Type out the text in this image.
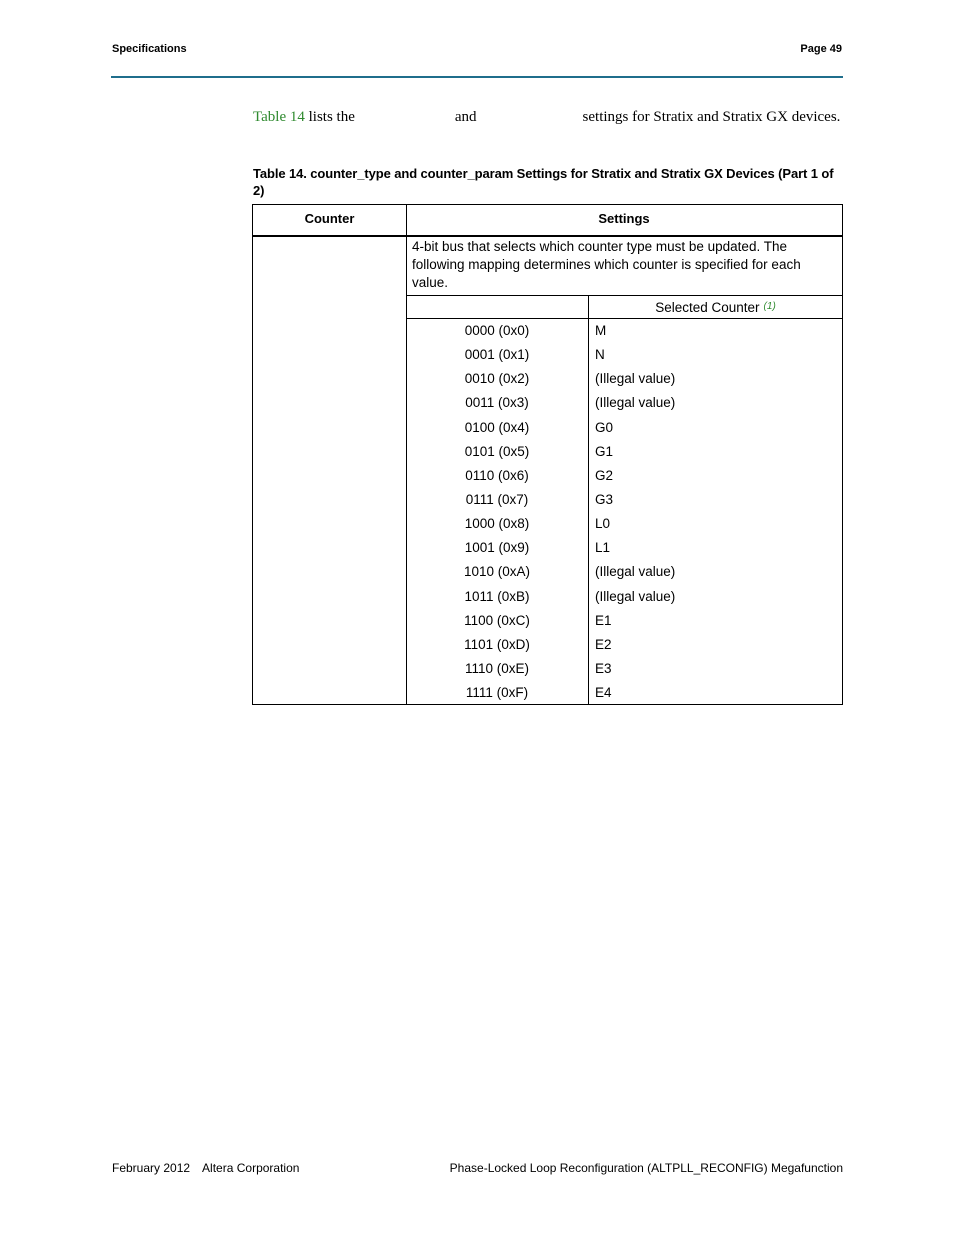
Specifications	Page 49
Table 14 lists the	and	settings for Stratix and Stratix GX devices.
Table 14. counter_type and counter_param Settings for Stratix and Stratix GX Devices (Part 1 of 2)
Counter	Settings
4-bit bus that selects which counter type must be updated. The following mapping determines which counter is specified for each value.
Selected Counter $^{(1)}$
0000 (0x0)	M
0001 (0x1)	N
0010 (0x2)	(Illegal value)
0011 (0x3)	(Illegal value)
0100 (0x4)	G0
0101 (0x5)	G1
0110 (0x6)	G2
0111 (0x7)	G3
1000 (0x8)	L0
1001 (0x9)	L1
1010 (0xA)	(Illegal value)
1011 (0xB)	(Illegal value)
1100 (0xC)	E1
1101 (0xD)	E2
1110 (0xE)	E3
1111 (0xF)	E4
February 2012 Altera Corporation	Phase-Locked Loop Reconfiguration (ALTPLL_RECONFIG) Megafunction
